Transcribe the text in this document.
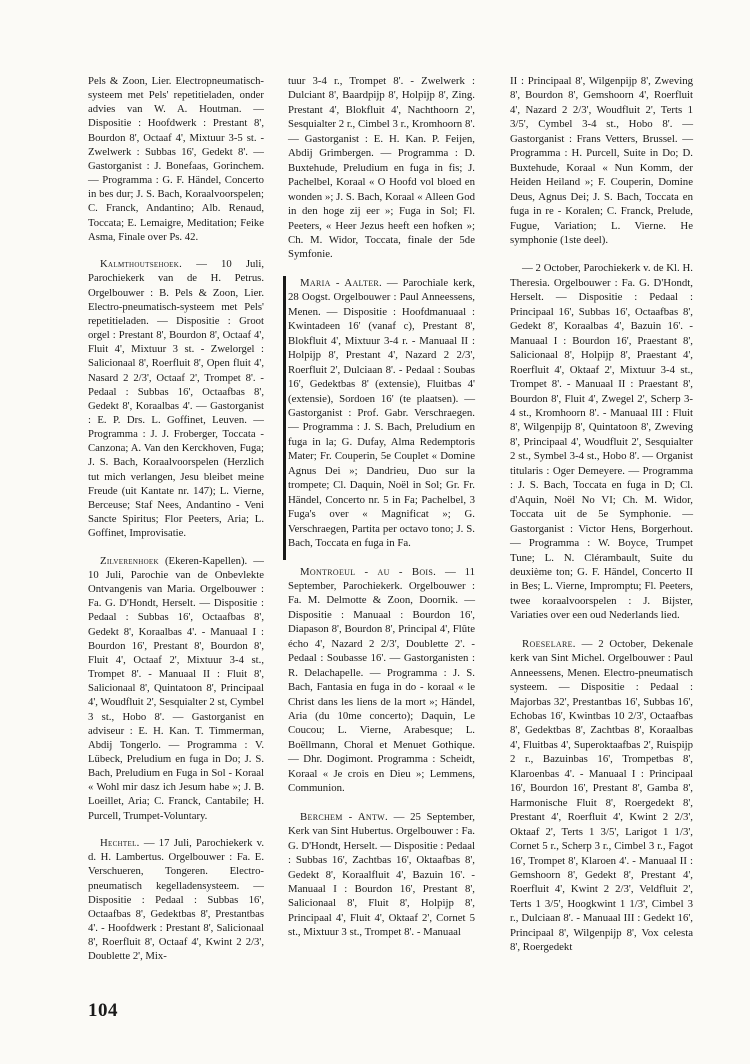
Pels & Zoon, Lier. Electropneumatisch-systeem met Pels' repetitieladen, onder advies van W. A. Houtman. — Dispositie : Hoofdwerk : Prestant 8', Bourdon 8', Octaaf 4', Mixtuur 3-5 st. - Zwelwerk : Subbas 16', Gedekt 8'. — Gastorganist : J. Bonefaas, Gorinchem. — Programma : G. F. Händel, Concerto in bes dur; J. S. Bach, Koraalvoorspelen; C. Franck, Andantino; Alb. Renaud, Toccata; E. Lemaigre, Meditation; Feike Asma, Finale over Ps. 42.

Kalmthoutsehoek. — 10 Juli, Parochiekerk van de H. Petrus. Orgelbouwer : B. Pels & Zoon, Lier. Electro-pneumatisch-systeem met Pels' repetitieladen. — Dispositie : Groot orgel : Prestant 8', Bourdon 8', Octaaf 4', Fluit 4', Mixtuur 3 st. - Zwelorgel : Salicionaal 8', Roerfluit 8', Open fluit 4', Nasard 2 2/3', Octaaf 2', Trompet 8'. - Pedaal : Subbas 16', Octaafbas 8', Gedekt 8', Koraalbas 4'. — Gastorganist : E. P. Drs. L. Goffinet, Leuven. — Programma : J. J. Froberger, Toccata - Canzona; A. Van den Kerckhoven, Fuga; J. S. Bach, Koraalvoorspelen (Herzlich tut mich verlangen, Jesu bleibet meine Freude (uit Kantate nr. 147); L. Vierne, Berceuse; Staf Nees, Andantino - Veni Sancte Spiritus; Flor Peeters, Aria; L. Goffinet, Improvisatie.

Zilverenhoek (Ekeren-Kapellen). — 10 Juli, Parochie van de Onbevlekte Ontvangenis van Maria. Orgelbouwer : Fa. G. D'Hondt, Herselt. — Dispositie : Pedaal : Subbas 16', Octaafbas 8', Gedekt 8', Koraalbas 4'. - Manuaal I : Bourdon 16', Prestant 8', Bourdon 8', Fluit 4', Octaaf 2', Mixtuur 3-4 st., Trompet 8'. - Manuaal II : Fluit 8', Salicionaal 8', Quintatoon 8', Principaal 4', Woudfluit 2', Sesquialter 2 st, Cymbel 3 st., Hobo 8'. — Gastorganist en adviseur : E. H. Kan. T. Timmerman, Abdij Tongerlo. — Programma : V. Lübeck, Preludium en fuga in Do; J. S. Bach, Preludium en Fuga in Sol - Koraal « Wohl mir dasz ich Jesum habe »; J. B. Loeillet, Aria; C. Franck, Cantabile; H. Purcell, Trumpet-Voluntary.

Hechtel. — 17 Juli, Parochiekerk v. d. H. Lambertus. Orgelbouwer : Fa. E. Verschueren, Tongeren. Electro-pneumatisch kegelladensysteem. — Dispositie : Pedaal : Subbas 16', Octaafbas 8', Gedektbas 8', Prestantbas 4'. - Hoofdwerk : Prestant 8', Salicionaal 8', Roerfluit 8', Octaaf 4', Kwint 2 2/3', Doublette 2', Mix-

tuur 3-4 r., Trompet 8'. - Zwelwerk : Dulciant 8', Baardpijp 8', Holpijp 8', Zing. Prestant 4', Blokfluit 4', Nachthoorn 2', Sesquialter 2 r., Cimbel 3 r., Kromhoorn 8'. — Gastorganist : E. H. Kan. P. Feijen, Abdij Grimbergen. — Programma : D. Buxtehude, Preludium en fuga in fis; J. Pachelbel, Koraal « O Hoofd vol bloed en wonden »; J. S. Bach, Koraal « Alleen God in den hoge zij eer »; Fuga in Sol; Fl. Peeters, « Heer Jezus heeft een hofken »; Ch. M. Widor, Toccata, finale der 5de Symfonie.

Maria - Aalter. — Parochiale kerk, 28 Oogst. Orgelbouwer : Paul Anneessens, Menen. — Dispositie : Hoofdmanuaal : Kwintadeen 16' (vanaf c), Prestant 8', Blokfluit 4', Mixtuur 3-4 r. - Manuaal II : Holpijp 8', Prestant 4', Nazard 2 2/3', Roerfluit 2', Dulciaan 8'. - Pedaal : Soubas 16', Gedektbas 8' (extensie), Fluitbas 4' (extensie), Sordoen 16' (te plaatsen). — Gastorganist : Prof. Gabr. Verschraegen. — Programma : J. S. Bach, Preludium en fuga in la; G. Dufay, Alma Redemptoris Mater; Fr. Couperin, 5e Couplet « Domine Agnus Dei »; Dandrieu, Duo sur la trompete; Cl. Daquin, Noël in Sol; Gr. Fr. Händel, Concerto nr. 5 in Fa; Pachelbel, 3 Fuga's over « Magnificat »; G. Verschraegen, Partita per octavo tono; J. S. Bach, Toccata en fuga in Fa.

Montroeul - au - Bois. — 11 September, Parochiekerk. Orgelbouwer : Fa. M. Delmotte & Zoon, Doornik. — Dispositie : Manuaal : Bourdon 16', Diapason 8', Bourdon 8', Principal 4', Flûte écho 4', Nazard 2 2/3', Doublette 2'. - Pedaal : Soubasse 16'. — Gastorganisten : R. Delachapelle. — Programma : J. S. Bach, Fantasia en fuga in do - koraal « le Christ dans les liens de la mort »; Händel, Aria (du 10me concerto); Daquin, Le Coucou; L. Vierne, Arabesque; L. Boëllmann, Choral et Menuet Gothique. — Dhr. Dogimont. Programma : Scheidt, Koraal « Je crois en Dieu »; Lemmens, Communion.

Berchem - Antw. — 25 September, Kerk van Sint Hubertus. Orgelbouwer : Fa. G. D'Hondt, Herselt. — Dispositie : Pedaal : Subbas 16', Zachtbas 16', Oktaafbas 8', Gedekt 8', Koraalfluit 4', Bazuin 16'. - Manuaal I : Bourdon 16', Prestant 8', Salicionaal 8', Fluit 8', Holpijp 8', Principaal 4', Fluit 4', Oktaaf 2', Cornet 5 st., Mixtuur 3 st., Trompet 8'. - Manuaal

II : Principaal 8', Wilgenpijp 8', Zweving 8', Bourdon 8', Gemshoorn 4', Roerfluit 4', Nazard 2 2/3', Woudfluit 2', Terts 1 3/5', Cymbel 3-4 st., Hobo 8'. — Gastorganist : Frans Vetters, Brussel. — Programma : H. Purcell, Suite in Do; D. Buxtehude, Koraal « Nun Komm, der Heiden Heiland »; F. Couperin, Domine Deus, Agnus Dei; J. S. Bach, Toccata en fuga in re - Koralen; C. Franck, Prelude, Fugue, Variation; L. Vierne. He symphonie (1ste deel).

— 2 October, Parochiekerk v. de Kl. H. Theresia. Orgelbouwer : Fa. G. D'Hondt, Herselt. — Dispositie : Pedaal : Principaal 16', Subbas 16', Octaafbas 8', Gedekt 8', Koraalbas 4', Bazuin 16'. - Manuaal I : Bourdon 16', Praestant 8', Salicionaal 8', Holpijp 8', Praestant 4', Roerfluit 4', Oktaaf 2', Mixtuur 3-4 st., Trompet 8'. - Manuaal II : Praestant 8', Bourdon 8', Fluit 4', Zwegel 2', Scherp 3-4 st., Kromhoorn 8'. - Manuaal III : Fluit 8', Wilgenpijp 8', Quintatoon 8', Zweving 8', Principaal 4', Woudfluit 2', Sesquialter 2 st., Symbel 3-4 st., Hobo 8'. — Organist titularis : Oger Demeyere. — Programma : J. S. Bach, Toccata en fuga in D; Cl. d'Aquin, Noël No VI; Ch. M. Widor, Toccata uit de 5e Symphonie. — Gastorganist : Victor Hens, Borgerhout. — Programma : W. Boyce, Trumpet Tune; L. N. Clérambault, Suite du deuxième ton; G. F. Händel, Concerto II in Bes; L. Vierne, Impromptu; Fl. Peeters, twee koraalvoorspelen : J. Bijster, Variaties over een oud Nederlands lied.

Roeselare. — 2 October, Dekenale kerk van Sint Michel. Orgelbouwer : Paul Anneessens, Menen. Electro-pneumatisch systeem. — Dispositie : Pedaal : Majorbas 32', Prestantbas 16', Subbas 16', Echobas 16', Kwintbas 10 2/3', Octaafbas 8', Gedektbas 8', Zachtbas 8', Koraalbas 4', Fluitbas 4', Superoktaafbas 2', Ruispijp 2 r., Bazuinbas 16', Trompetbas 8', Klaroenbas 4'. - Manuaal I : Principaal 16', Bourdon 16', Prestant 8', Gamba 8', Harmonische Fluit 8', Roergedekt 8', Prestant 4', Roerfluit 4', Kwint 2 2/3', Oktaaf 2', Terts 1 3/5', Larigot 1 1/3', Cornet 5 r., Scherp 3 r., Cimbel 3 r., Fagot 16', Trompet 8', Klaroen 4'. - Manuaal II : Gemshoorn 8', Gedekt 8', Prestant 4', Roerfluit 4', Kwint 2 2/3', Veldfluit 2', Terts 1 3/5', Hoogkwint 1 1/3', Cimbel 3 r., Dulciaan 8'. - Manuaal III : Gedekt 16', Principaal 8', Wilgenpijp 8', Vox celesta 8', Roergedekt

104
